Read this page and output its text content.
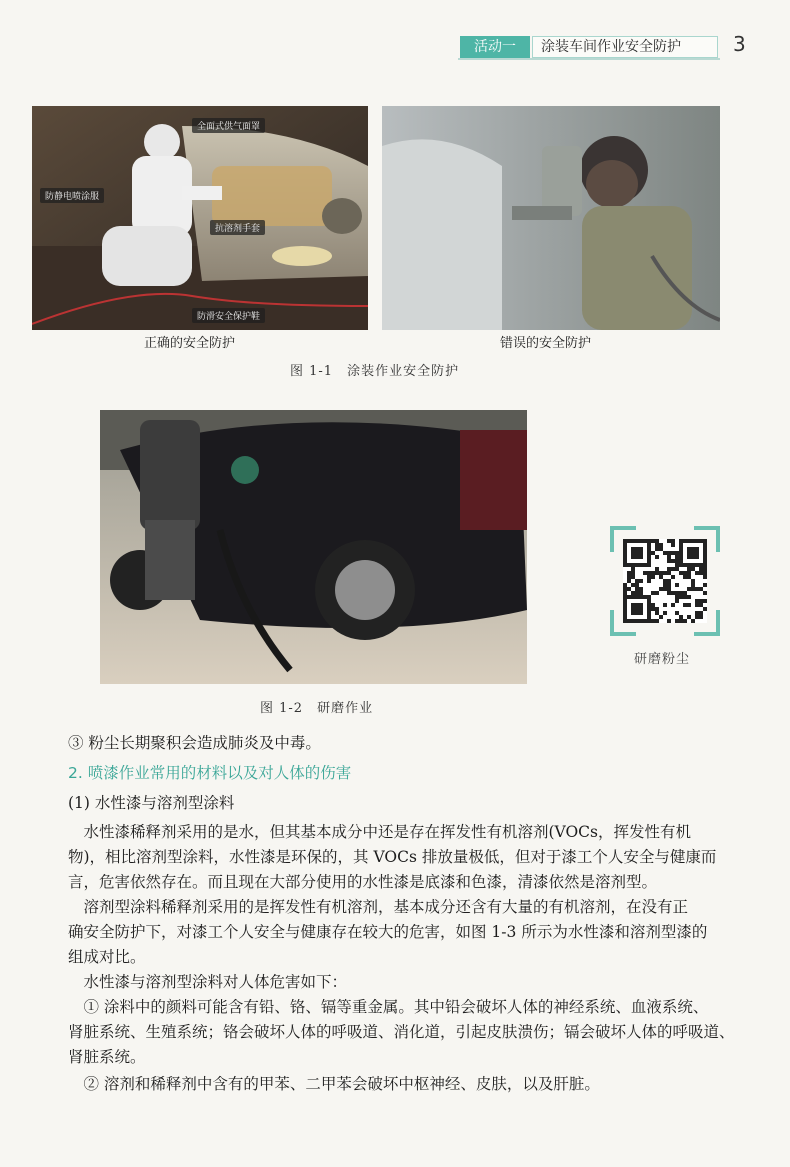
活动一	涂装车间作业安全防护	3
全面式供气面罩
防静电喷涂服
抗溶剂手套
防滑安全保护鞋
正确的安全防护	错误的安全防护
图 1-1　涂装作业安全防护
研磨粉尘
图 1-2　研磨作业
③ 粉尘长期聚积会造成肺炎及中毒。
2. 喷漆作业常用的材料以及对人体的伤害
(1) 水性漆与溶剂型涂料
　水性漆稀释剂采用的是水，但其基本成分中还是存在挥发性有机溶剂(VOCs，挥发性有机
物)，相比溶剂型涂料，水性漆是环保的，其 VOCs 排放量极低，但对于漆工个人安全与健康而
言，危害依然存在。而且现在大部分使用的水性漆是底漆和色漆，清漆依然是溶剂型。
　溶剂型涂料稀释剂采用的是挥发性有机溶剂，基本成分还含有大量的有机溶剂，在没有正
确安全防护下，对漆工个人安全与健康存在较大的危害，如图 1-3 所示为水性漆和溶剂型漆的
组成对比。
　水性漆与溶剂型涂料对人体危害如下：
　① 涂料中的颜料可能含有铅、铬、镉等重金属。其中铅会破坏人体的神经系统、血液系统、
肾脏系统、生殖系统；铬会破坏人体的呼吸道、消化道，引起皮肤溃伤；镉会破坏人体的呼吸道、
肾脏系统。
　② 溶剂和稀释剂中含有的甲苯、二甲苯会破坏中枢神经、皮肤，以及肝脏。
